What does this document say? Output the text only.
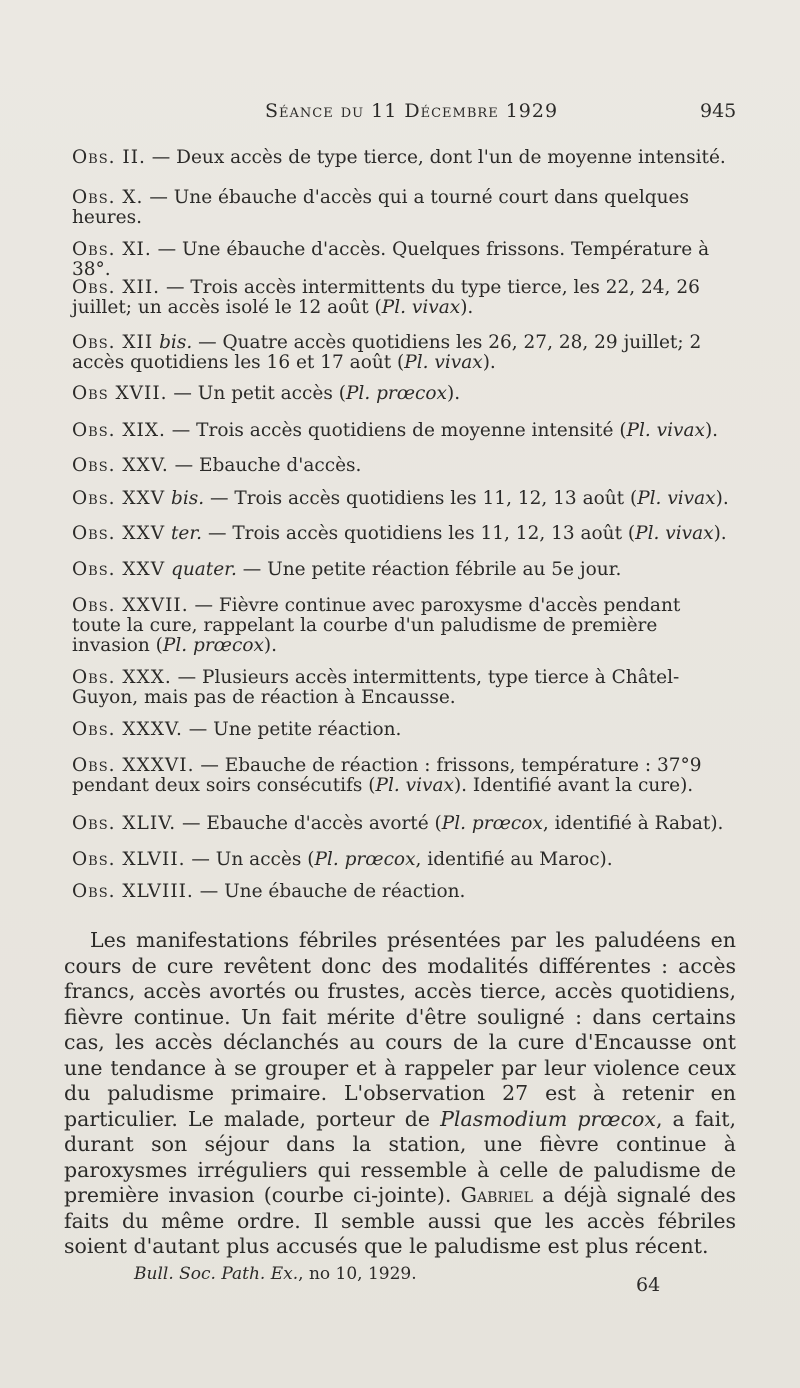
Séance du 11 Décembre 1929	945
Obs. II. — Deux accès de type tierce, dont l'un de moyenne intensité.
Obs. X. — Une ébauche d'accès qui a tourné court dans quelques heures.
Obs. XI. — Une ébauche d'accès. Quelques frissons. Température à 38°.
Obs. XII. — Trois accès intermittents du type tierce, les 22, 24, 26 juillet; un accès isolé le 12 août (Pl. vivax).
Obs. XII bis. — Quatre accès quotidiens les 26, 27, 28, 29 juillet; 2 accès quotidiens les 16 et 17 août (Pl. vivax).
Obs XVII. — Un petit accès (Pl. prœcox).
Obs. XIX. — Trois accès quotidiens de moyenne intensité (Pl. vivax).
Obs. XXV. — Ebauche d'accès.
Obs. XXV bis. — Trois accès quotidiens les 11, 12, 13 août (Pl. vivax).
Obs. XXV ter. — Trois accès quotidiens les 11, 12, 13 août (Pl. vivax).
Obs. XXV quater. — Une petite réaction fébrile au 5e jour.
Obs. XXVII. — Fièvre continue avec paroxysme d'accès pendant toute la cure, rappelant la courbe d'un paludisme de première invasion (Pl. prœcox).
Obs. XXX. — Plusieurs accès intermittents, type tierce à Châtel-Guyon, mais pas de réaction à Encausse.
Obs. XXXV. — Une petite réaction.
Obs. XXXVI. — Ebauche de réaction : frissons, température : 37°9 pendant deux soirs consécutifs (Pl. vivax). Identifié avant la cure).
Obs. XLIV. — Ebauche d'accès avorté (Pl. prœcox, identifié à Rabat).
Obs. XLVII. — Un accès (Pl. prœcox, identifié au Maroc).
Obs. XLVIII. — Une ébauche de réaction.

Les manifestations fébriles présentées par les paludéens en cours de cure revêtent donc des modalités différentes : accès francs, accès avortés ou frustes, accès tierce, accès quotidiens, fièvre continue. Un fait mérite d'être souligné : dans certains cas, les accès déclanchés au cours de la cure d'Encausse ont une tendance à se grouper et à rappeler par leur violence ceux du paludisme primaire. L'observation 27 est à retenir en particulier. Le malade, porteur de Plasmodium prœcox, a fait, durant son séjour dans la station, une fièvre continue à paroxysmes irréguliers qui ressemble à celle de paludisme de première invasion (courbe ci-jointe). Gabriel a déjà signalé des faits du même ordre. Il semble aussi que les accès fébriles soient d'autant plus accusés que le paludisme est plus récent.

Bull. Soc. Path. Ex., no 10, 1929.	64
